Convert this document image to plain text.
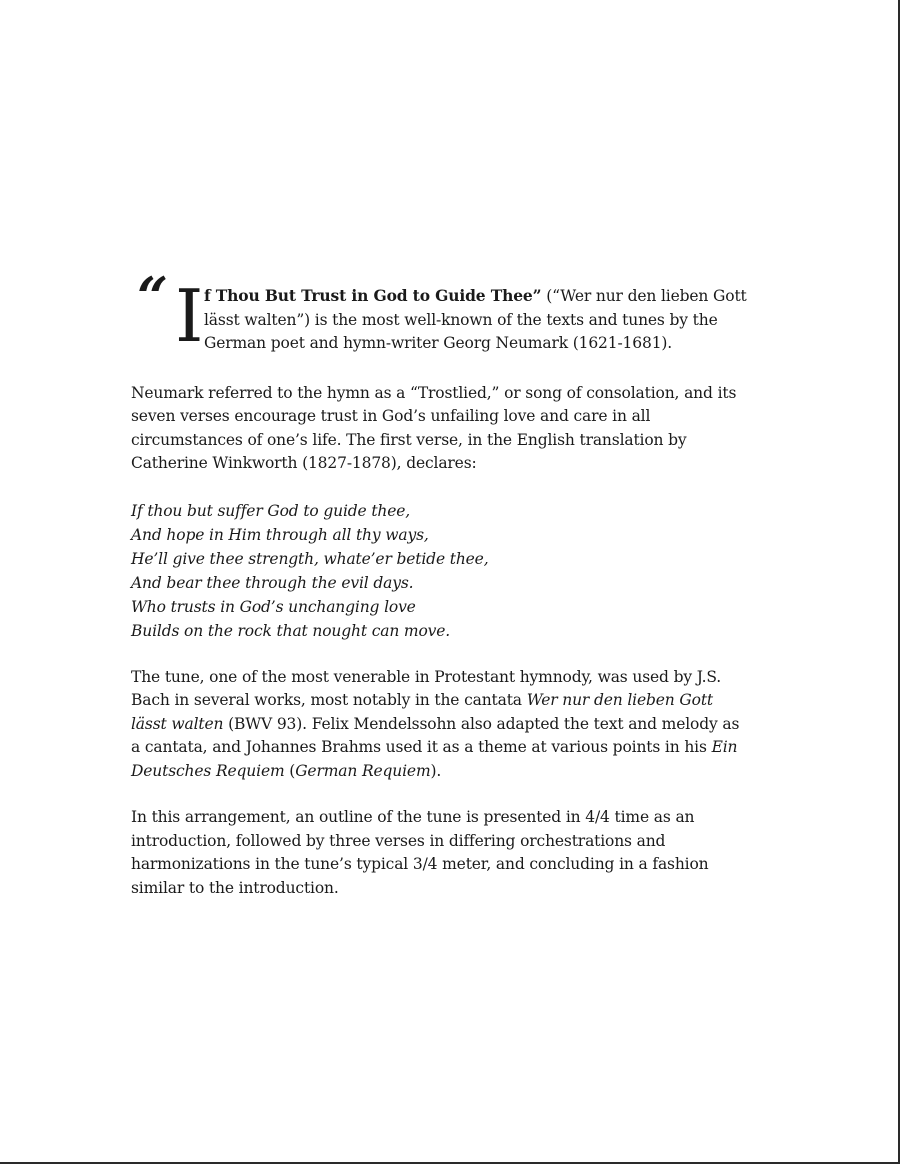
“ I f Thou But Trust in God to Guide Thee” (“Wer nur den lieben Gott lässt walten”) is the most well-known of the texts and tunes by the German poet and hymn-writer Georg Neumark (1621-1681).

Neumark referred to the hymn as a “Trostlied,” or song of consolation, and its seven verses encourage trust in God’s unfailing love and care in all circumstances of one’s life. The first verse, in the English translation by Catherine Winkworth (1827-1878), declares:

If thou but suffer God to guide thee,
And hope in Him through all thy ways,
He’ll give thee strength, whate’er betide thee,
And bear thee through the evil days.
Who trusts in God’s unchanging love
Builds on the rock that nought can move.

The tune, one of the most venerable in Protestant hymnody, was used by J.S. Bach in several works, most notably in the cantata Wer nur den lieben Gott lässt walten (BWV 93). Felix Mendelssohn also adapted the text and melody as a cantata, and Johannes Brahms used it as a theme at various points in his Ein Deutsches Requiem (German Requiem).

In this arrangement, an outline of the tune is presented in 4/4 time as an introduction, followed by three verses in differing orchestrations and harmonizations in the tune’s typical 3/4 meter, and concluding in a fashion similar to the introduction.
